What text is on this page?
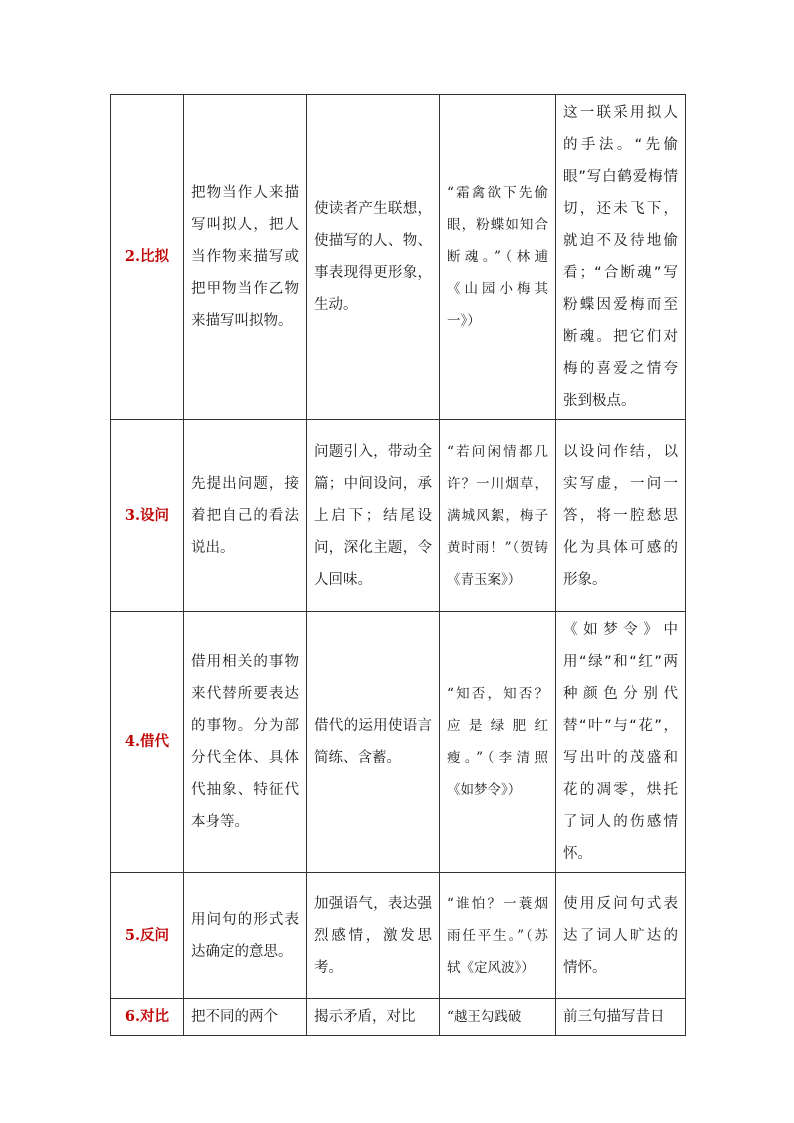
2.比拟	把物当作人来描写叫拟人，把人当作物来描写或把甲物当作乙物来描写叫拟物。	使读者产生联想，使描写的人、物、事表现得更形象，生动。	“霜禽欲下先偷眼，粉蝶如知合断魂。”（林逋《山园小梅其一》）	这一联采用拟人的手法。“先偷眼”写白鹤爱梅情切，还未飞下，就迫不及待地偷看；“合断魂”写粉蝶因爱梅而至断魂。把它们对梅的喜爱之情夸张到极点。
3.设问	先提出问题，接着把自己的看法说出。	问题引入，带动全篇；中间设问，承上启下；结尾设问，深化主题，令人回味。	“若问闲情都几许？一川烟草，满城风絮，梅子黄时雨！”（贺铸《青玉案》）	以设问作结，以实写虚，一问一答，将一腔愁思化为具体可感的形象。
4.借代	借用相关的事物来代替所要表达的事物。分为部分代全体、具体代抽象、特征代本身等。	借代的运用使语言简练、含蓄。	“知否，知否？应是绿肥红瘦。”（李清照《如梦令》）	《如梦令》中用“绿”和“红”两种颜色分别代替“叶”与“花”，写出叶的茂盛和花的凋零，烘托了词人的伤感情怀。
5.反问	用问句的形式表达确定的意思。	加强语气，表达强烈感情，激发思考。	“谁怕？一蓑烟雨任平生。”（苏轼《定风波》）	使用反问句式表达了词人旷达的情怀。
6.对比	把不同的两个	揭示矛盾，对比	“越王勾践破	前三句描写昔日
